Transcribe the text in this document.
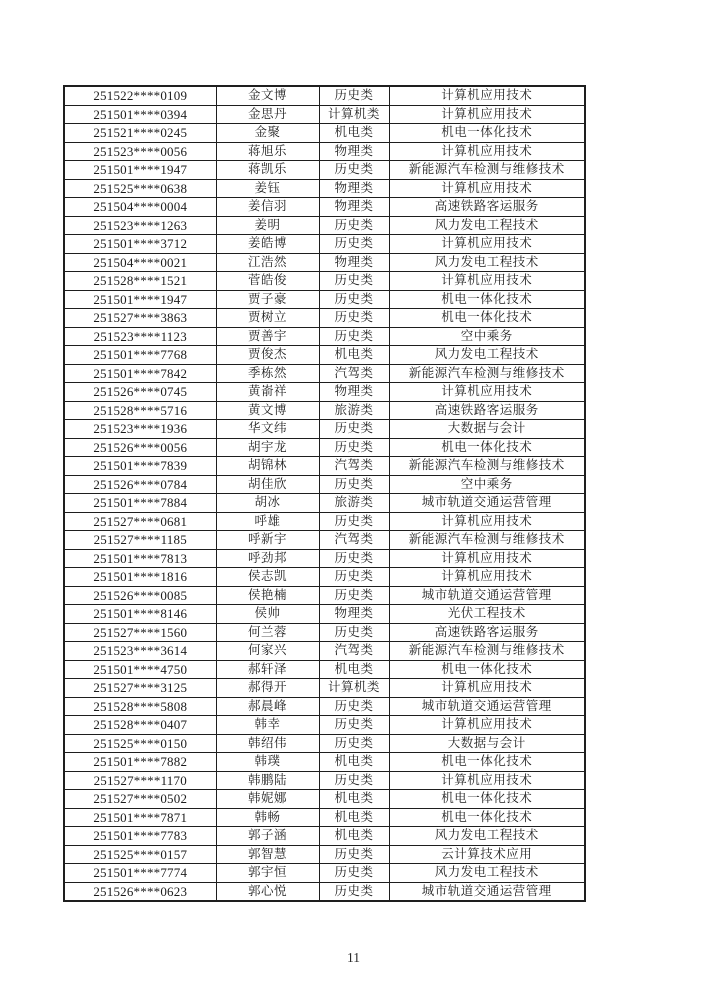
251522****0109	金文博	历史类	计算机应用技术
251501****0394	金思丹	计算机类	计算机应用技术
251521****0245	金聚	机电类	机电一体化技术
251523****0056	蒋旭乐	物理类	计算机应用技术
251501****1947	蒋凯乐	历史类	新能源汽车检测与维修技术
251525****0638	姜钰	物理类	计算机应用技术
251504****0004	姜信羽	物理类	高速铁路客运服务
251523****1263	姜明	历史类	风力发电工程技术
251501****3712	姜皓博	历史类	计算机应用技术
251504****0021	江浩然	物理类	风力发电工程技术
251528****1521	菅皓俊	历史类	计算机应用技术
251501****1947	贾子豪	历史类	机电一体化技术
251527****3863	贾树立	历史类	机电一体化技术
251523****1123	贾善宇	历史类	空中乘务
251501****7768	贾俊杰	机电类	风力发电工程技术
251501****7842	季栋然	汽驾类	新能源汽车检测与维修技术
251526****0745	黄嵛祥	物理类	计算机应用技术
251528****5716	黄文博	旅游类	高速铁路客运服务
251523****1936	华文纬	历史类	大数据与会计
251526****0056	胡宇龙	历史类	机电一体化技术
251501****7839	胡锦林	汽驾类	新能源汽车检测与维修技术
251526****0784	胡佳欣	历史类	空中乘务
251501****7884	胡冰	旅游类	城市轨道交通运营管理
251527****0681	呼雄	历史类	计算机应用技术
251527****1185	呼新宇	汽驾类	新能源汽车检测与维修技术
251501****7813	呼劲邦	历史类	计算机应用技术
251501****1816	侯志凯	历史类	计算机应用技术
251526****0085	侯艳楠	历史类	城市轨道交通运营管理
251501****8146	侯帅	物理类	光伏工程技术
251527****1560	何兰蓉	历史类	高速铁路客运服务
251523****3614	何家兴	汽驾类	新能源汽车检测与维修技术
251501****4750	郝轩泽	机电类	机电一体化技术
251527****3125	郝得开	计算机类	计算机应用技术
251528****5808	郝晨峰	历史类	城市轨道交通运营管理
251528****0407	韩幸	历史类	计算机应用技术
251525****0150	韩绍伟	历史类	大数据与会计
251501****7882	韩璞	机电类	机电一体化技术
251527****1170	韩鹏陆	历史类	计算机应用技术
251527****0502	韩妮娜	机电类	机电一体化技术
251501****7871	韩畅	机电类	机电一体化技术
251501****7783	郭子涵	机电类	风力发电工程技术
251525****0157	郭智慧	历史类	云计算技术应用
251501****7774	郭宇恒	历史类	风力发电工程技术
251526****0623	郭心悦	历史类	城市轨道交通运营管理
11
